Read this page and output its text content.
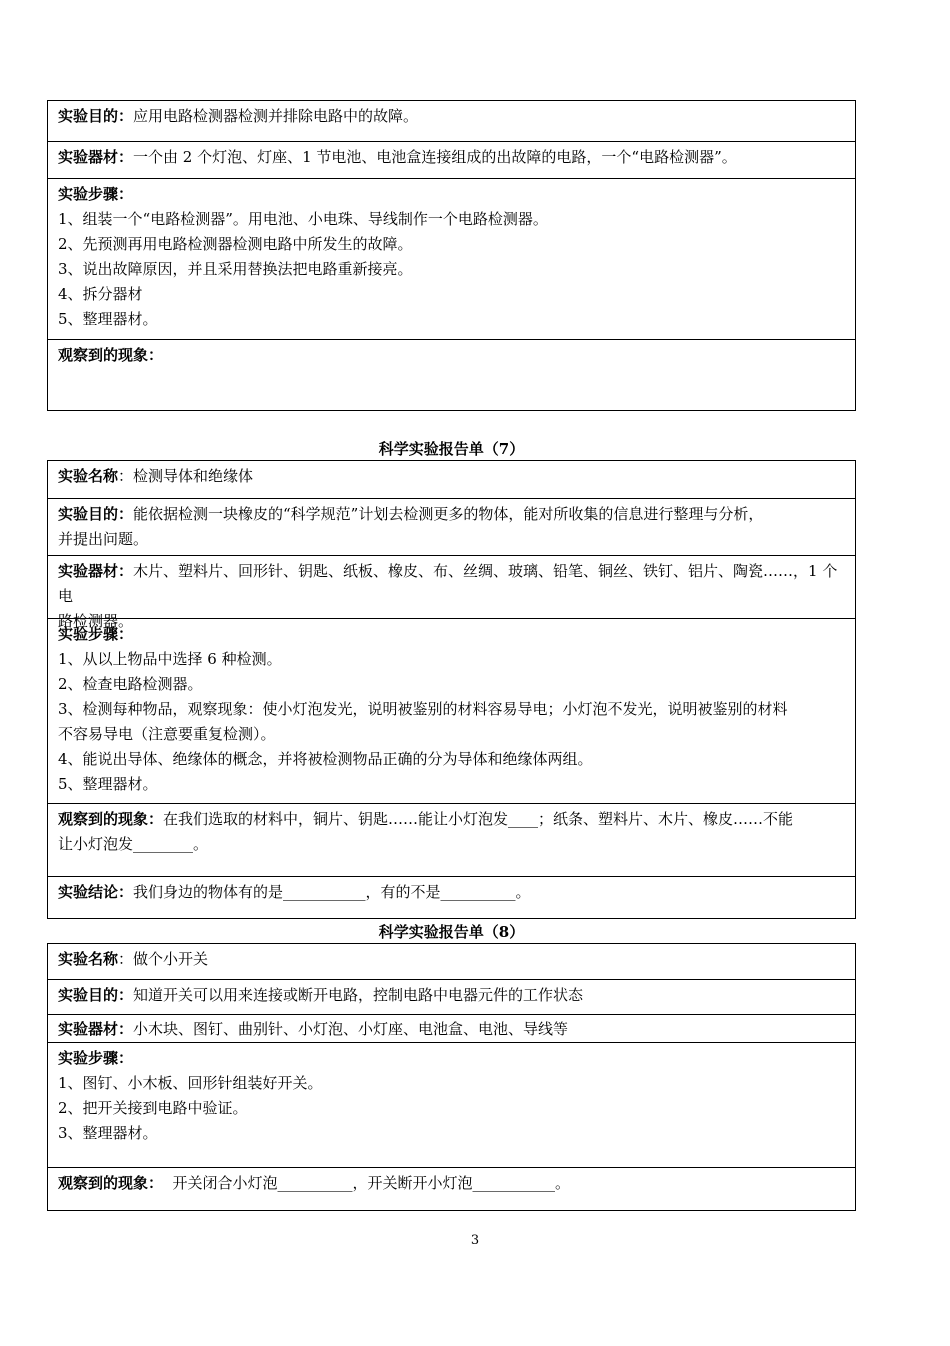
实验目的：应用电路检测器检测并排除电路中的故障。
实验器材：一个由 2 个灯泡、灯座、1 节电池、电池盒连接组成的出故障的电路，一个“电路检测器”。
实验步骤：
1、组装一个“电路检测器”。用电池、小电珠、导线制作一个电路检测器。
2、先预测再用电路检测器检测电路中所发生的故障。
3、说出故障原因，并且采用替换法把电路重新接亮。
4、拆分器材
5、整理器材。
观察到的现象：
科学实验报告单（7）
实验名称：检测导体和绝缘体
实验目的：能依据检测一块橡皮的“科学规范”计划去检测更多的物体，能对所收集的信息进行整理与分析，
并提出问题。
实验器材：木片、塑料片、回形针、钥匙、纸板、橡皮、布、丝绸、玻璃、铅笔、铜丝、铁钉、铝片、陶瓷……，1 个电
路检测器。
实验步骤：
1、从以上物品中选择 6 种检测。
2、检查电路检测器。
3、检测每种物品，观察现象：使小灯泡发光，说明被鉴别的材料容易导电；小灯泡不发光，说明被鉴别的材料
不容易导电（注意要重复检测）。
4、能说出导体、绝缘体的概念，并将被检测物品正确的分为导体和绝缘体两组。
5、整理器材。
观察到的现象：在我们选取的材料中，铜片、钥匙……能让小灯泡发____；纸条、塑料片、木片、橡皮……不能
让小灯泡发________。
实验结论：我们身边的物体有的是___________，有的不是__________。
科学实验报告单（8）
实验名称：做个小开关
实验目的：知道开关可以用来连接或断开电路，控制电路中电器元件的工作状态
实验器材：小木块、图钉、曲别针、小灯泡、小灯座、电池盒、电池、导线等
实验步骤：
1、图钉、小木板、回形针组装好开关。
2、把开关接到电路中验证。
3、整理器材。
观察到的现象：  开关闭合小灯泡__________，开关断开小灯泡___________。
3
